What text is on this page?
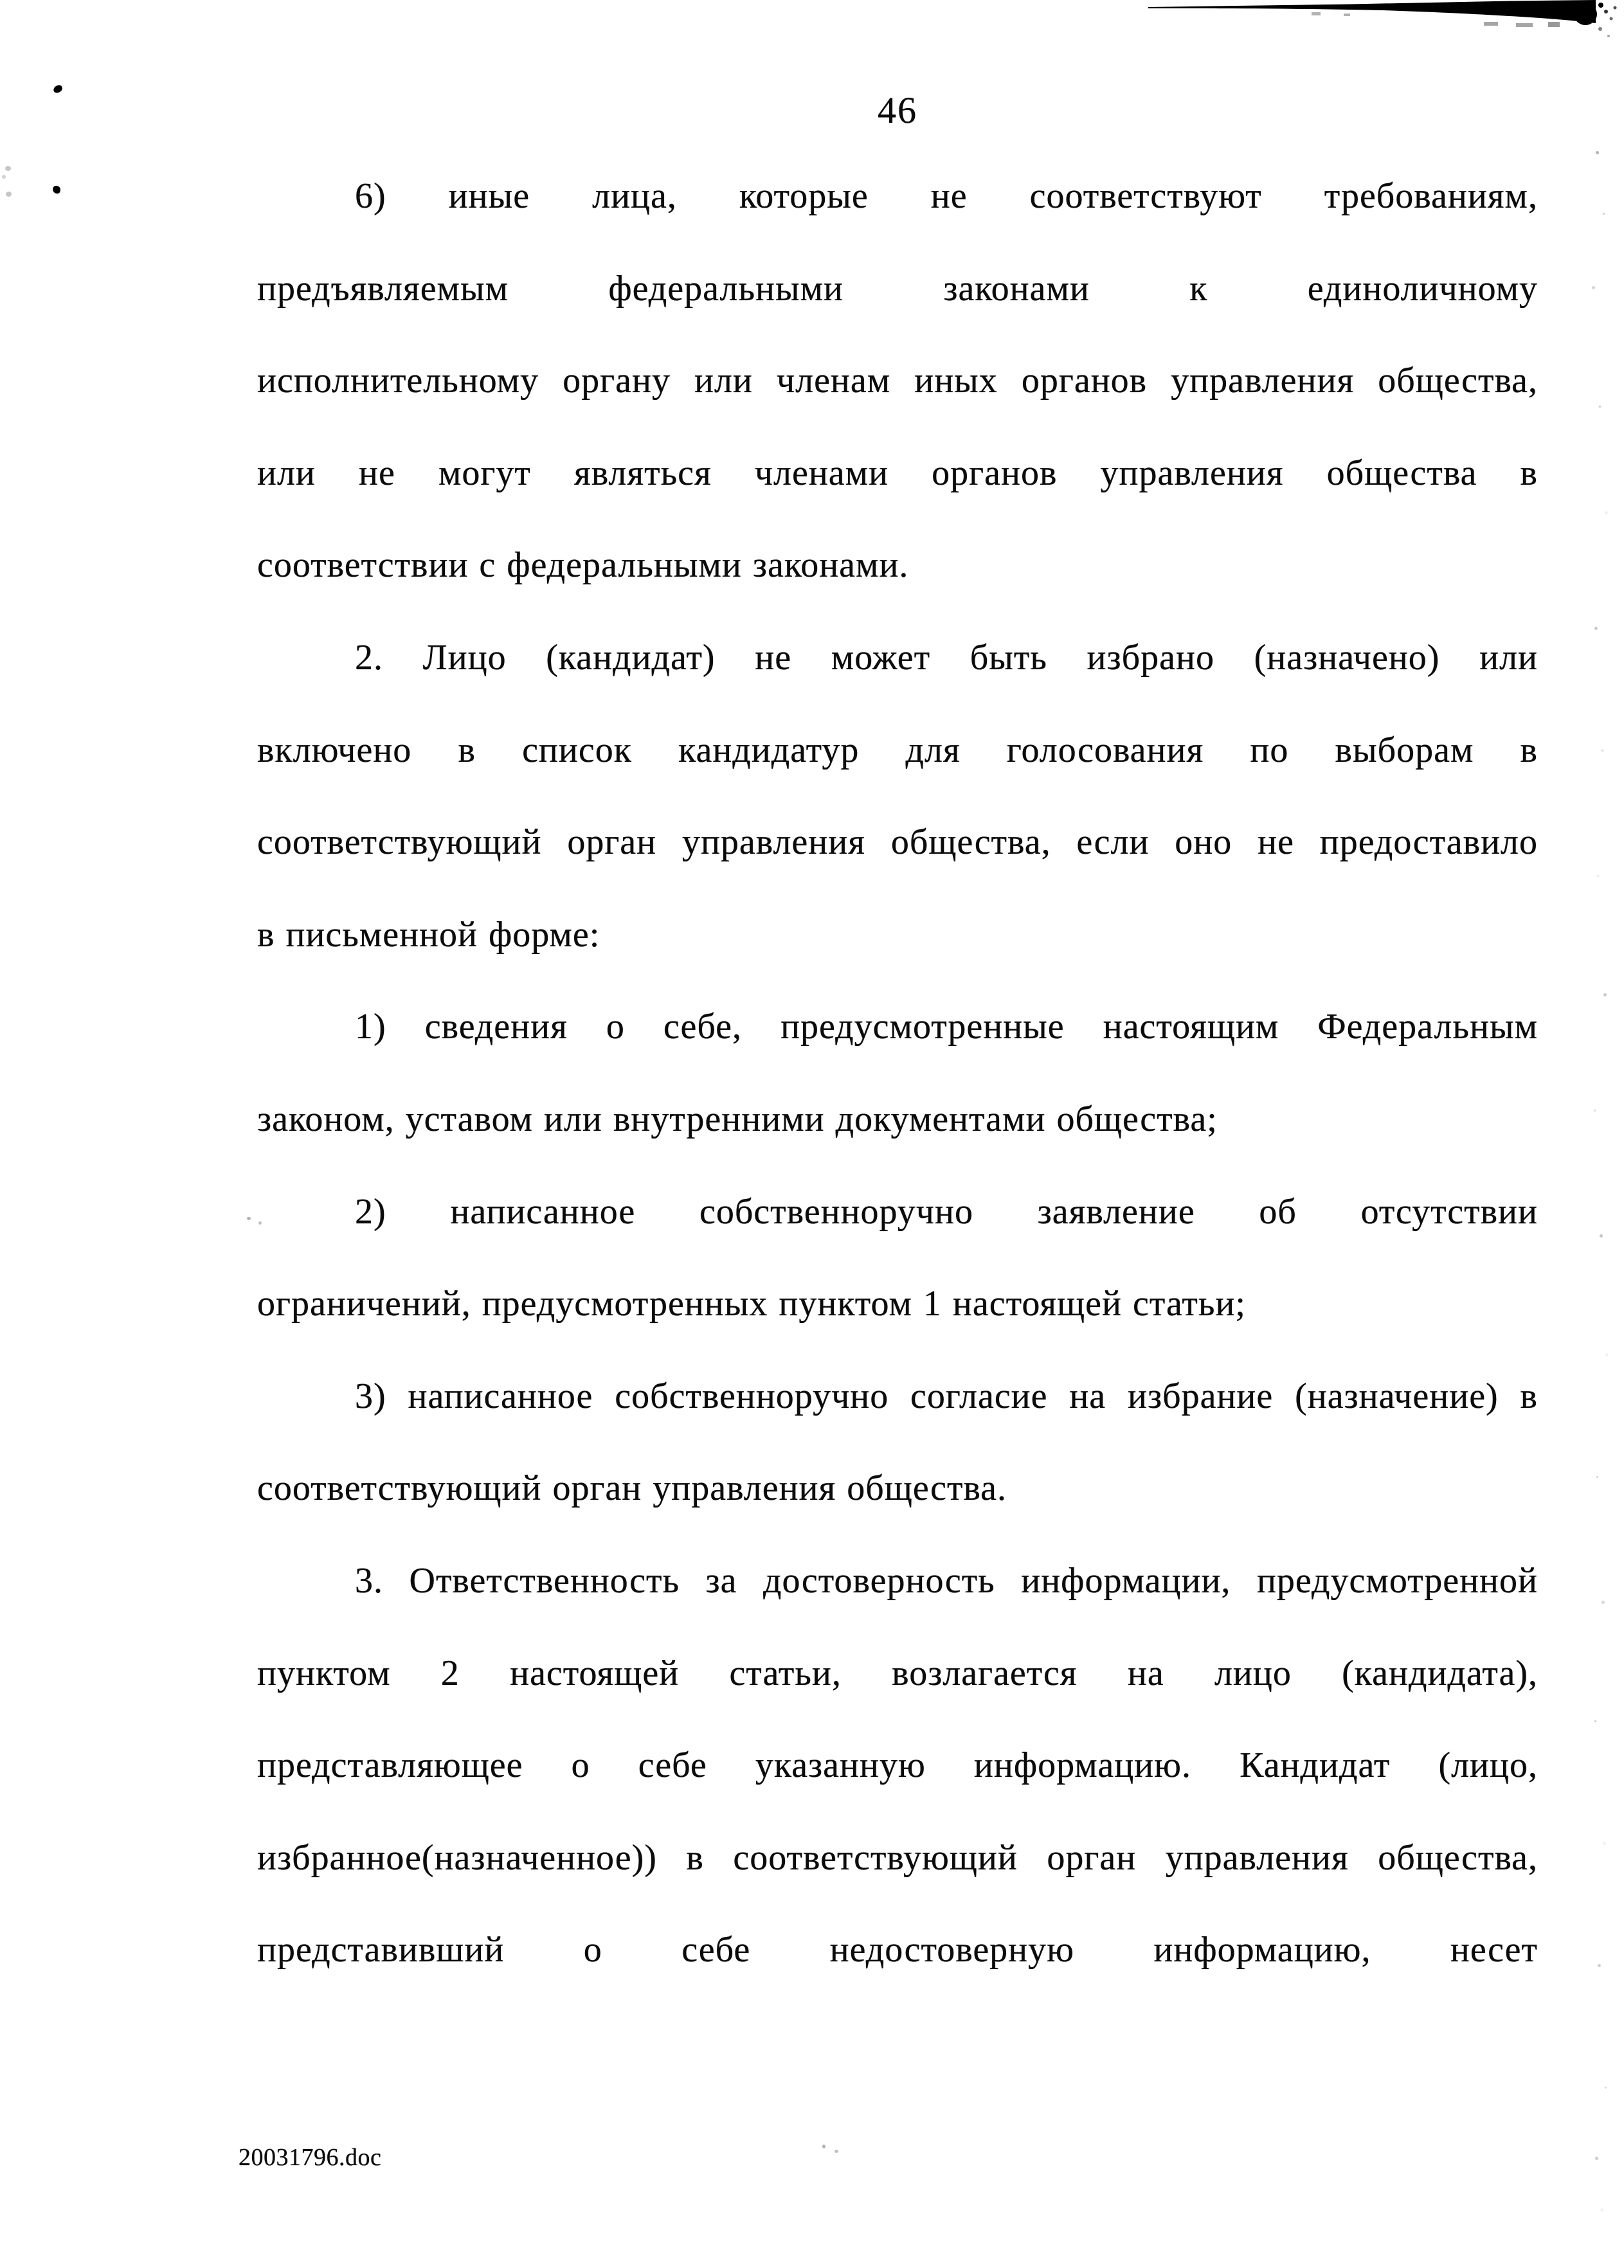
46
6) иные лица, которые не соответствуют требованиям,
предъявляемым федеральными законами к единоличному
исполнительному органу или членам иных органов управления общества,
или не могут являться членами органов управления общества в
соответствии с федеральными законами.
2. Лицо (кандидат) не может быть избрано (назначено) или
включено в список кандидатур для голосования по выборам в
соответствующий орган управления общества, если оно не предоставило
в письменной форме:
1) сведения о себе, предусмотренные настоящим Федеральным
законом, уставом или внутренними документами общества;
2) написанное собственноручно заявление об отсутствии
ограничений, предусмотренных пунктом 1 настоящей статьи;
3) написанное собственноручно согласие на избрание (назначение) в
соответствующий орган управления общества.
3. Ответственность за достоверность информации, предусмотренной
пунктом 2 настоящей статьи, возлагается на лицо (кандидата),
представляющее о себе указанную информацию. Кандидат (лицо,
избранное(назначенное)) в соответствующий орган управления общества,
представивший о себе недостоверную информацию, несет
20031796.doc
